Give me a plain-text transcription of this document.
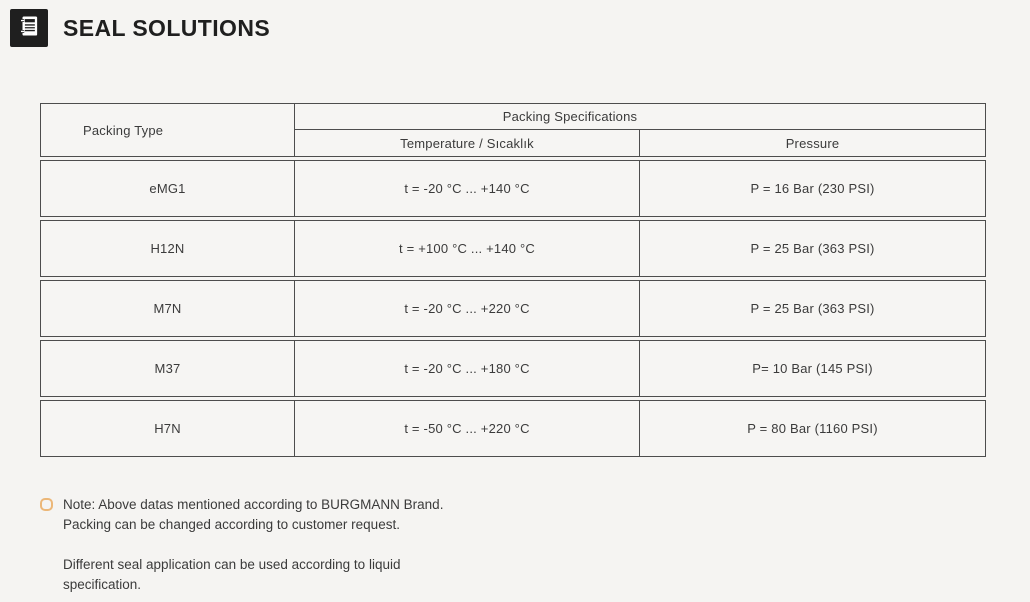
SEAL SOLUTIONS
Packing Type
Packing Specifications
Temperature / Sıcaklık	Pressure
eMG1	t = -20 °C ... +140 °C	P = 16 Bar (230 PSI)
H12N	t = +100 °C ... +140 °C	P = 25 Bar (363 PSI)
M7N	t = -20 °C ... +220 °C	P = 25 Bar (363 PSI)
M37	t = -20 °C ... +180 °C	P= 10 Bar (145 PSI)
H7N	t = -50 °C ... +220 °C	P = 80 Bar (1160 PSI)
Note: Above datas mentioned according to BURGMANN Brand.
Packing can be changed according to customer request.
Different seal application can be used according to liquid
specification.
